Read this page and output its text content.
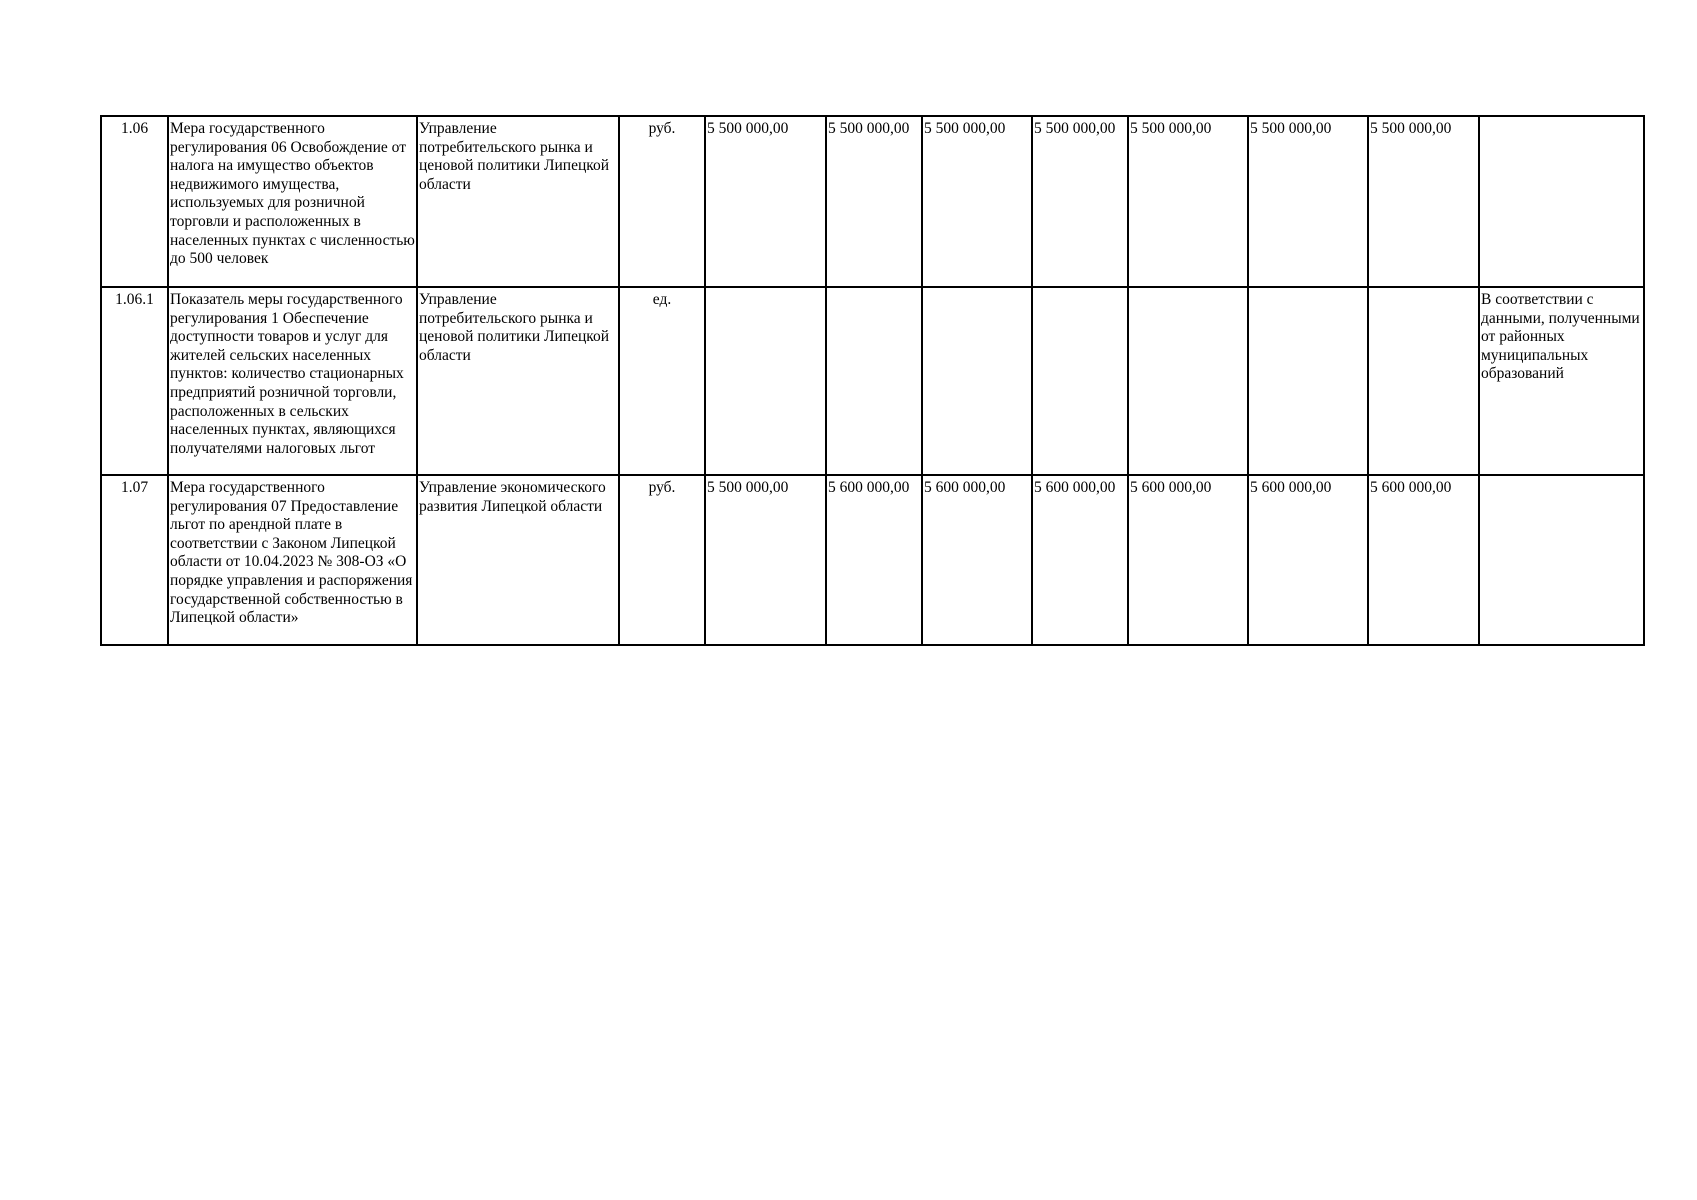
1.06	Мера государственного регулирования 06 Освобождение от налога на имущество объектов недвижимого имущества, используемых для розничной торговли и расположенных в населенных пунктах с численностью до 500 человек	Управление потребительского рынка и ценовой политики Липецкой области	руб.	5 500 000,00	5 500 000,00	5 500 000,00	5 500 000,00	5 500 000,00	5 500 000,00	5 500 000,00	
1.06.1	Показатель меры государственного регулирования 1 Обеспечение доступности товаров и услуг для жителей сельских населенных пунктов: количество стационарных предприятий розничной торговли, расположенных в сельских населенных пунктах, являющихся получателями налоговых льгот	Управление потребительского рынка и ценовой политики Липецкой области	ед.								В соответствии с данными, полученными от районных муниципальных образований
1.07	Мера государственного регулирования 07 Предоставление льгот по арендной плате в соответствии с Законом Липецкой области от 10.04.2023 № 308-ОЗ «О порядке управления и распоряжения государственной собственностью в Липецкой области»	Управление экономического развития Липецкой области	руб.	5 500 000,00	5 600 000,00	5 600 000,00	5 600 000,00	5 600 000,00	5 600 000,00	5 600 000,00	
